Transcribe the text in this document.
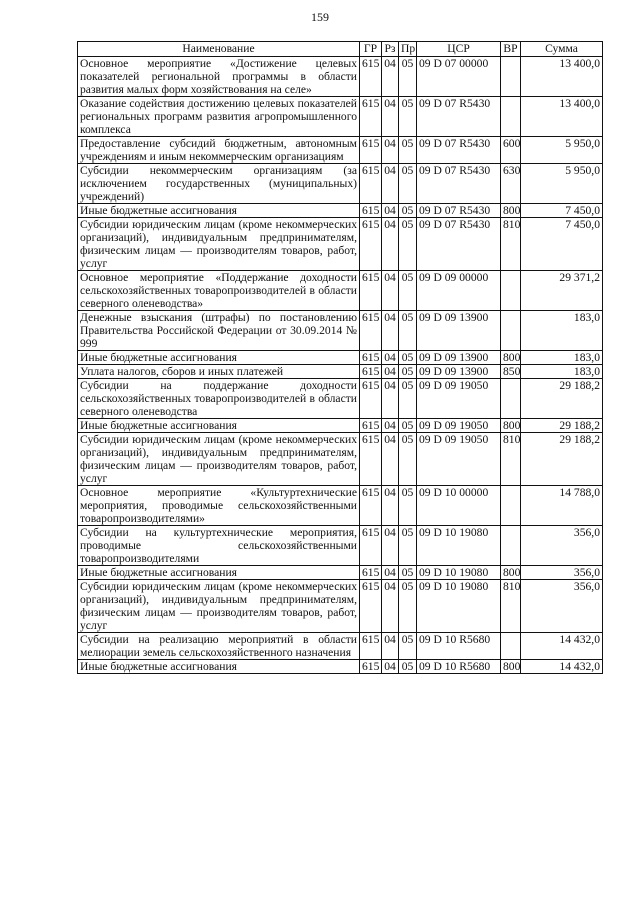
159
Наименование	ГР	Рз	Пр	ЦСР	ВР	Сумма
Основное мероприятие «Достижение целевых показателей региональной программы в области развития малых форм хозяйствования на селе»	615	04	05	09 D 07 00000		13 400,0
Оказание содействия достижению целевых показателей региональных программ развития агропромышленного комплекса	615	04	05	09 D 07 R5430		13 400,0
Предоставление субсидий бюджетным, автономным учреждениям и иным некоммерческим организациям	615	04	05	09 D 07 R5430	600	5 950,0
Субсидии некоммерческим организациям (за исключением государственных (муниципальных) учреждений)	615	04	05	09 D 07 R5430	630	5 950,0
Иные бюджетные ассигнования	615	04	05	09 D 07 R5430	800	7 450,0
Субсидии юридическим лицам (кроме некоммерческих организаций), индивидуальным предпринимателям, физическим лицам — производителям товаров, работ, услуг	615	04	05	09 D 07 R5430	810	7 450,0
Основное мероприятие «Поддержание доходности сельскохозяйственных товаропроизводителей в области северного оленеводства»	615	04	05	09 D 09 00000		29 371,2
Денежные взыскания (штрафы) по постановлению Правительства Российской Федерации от 30.09.2014 № 999	615	04	05	09 D 09 13900		183,0
Иные бюджетные ассигнования	615	04	05	09 D 09 13900	800	183,0
Уплата налогов, сборов и иных платежей	615	04	05	09 D 09 13900	850	183,0
Субсидии на поддержание доходности сельскохозяйственных товаропроизводителей в области северного оленеводства	615	04	05	09 D 09 19050		29 188,2
Иные бюджетные ассигнования	615	04	05	09 D 09 19050	800	29 188,2
Субсидии юридическим лицам (кроме некоммерческих организаций), индивидуальным предпринимателям, физическим лицам — производителям товаров, работ, услуг	615	04	05	09 D 09 19050	810	29 188,2
Основное мероприятие «Культуртехнические мероприятия, проводимые сельскохозяйственными товаропроизводителями»	615	04	05	09 D 10 00000		14 788,0
Субсидии на культуртехнические мероприятия, проводимые сельскохозяйственными товаропроизводителями	615	04	05	09 D 10 19080		356,0
Иные бюджетные ассигнования	615	04	05	09 D 10 19080	800	356,0
Субсидии юридическим лицам (кроме некоммерческих организаций), индивидуальным предпринимателям, физическим лицам — производителям товаров, работ, услуг	615	04	05	09 D 10 19080	810	356,0
Субсидии на реализацию мероприятий в области мелиорации земель сельскохозяйственного назначения	615	04	05	09 D 10 R5680		14 432,0
Иные бюджетные ассигнования	615	04	05	09 D 10 R5680	800	14 432,0
